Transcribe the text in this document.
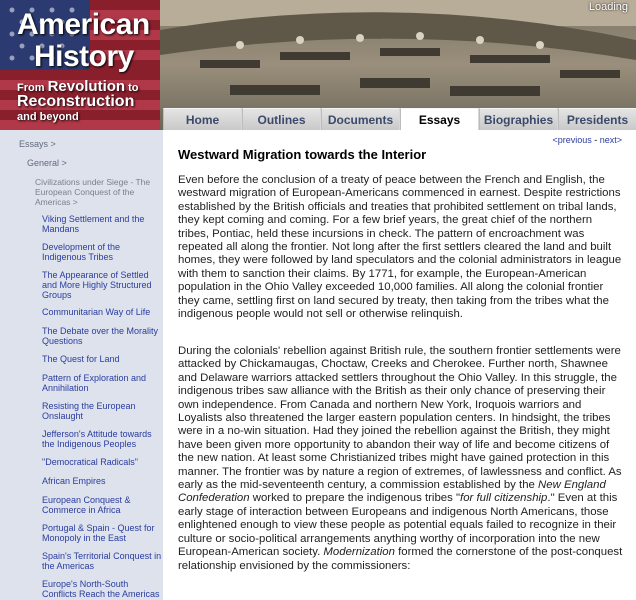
American
History
From Revolution to
Reconstruction
and beyond
Loading
Home	Outlines	Documents	Essays	Biographies	Presidents
Essays >
General >
Civilizations under Siege - The
European Conquest of the
Americas >
Viking Settlement and the
Mandans
Development of the
Indigenous Tribes
The Appearance of Settled
and More Highly Structured
Groups
Communitarian Way of Life
The Debate over the Morality
Questions
The Quest for Land
Pattern of Exploration and
Annihilation
Resisting the European
Onslaught
Jefferson's Attitude towards
the Indigenous Peoples
"Democratical Radicals"
African Empires
European Conquest &
Commerce in Africa
Portugal & Spain - Quest for
Monopoly in the East
Spain's Territorial Conquest in
the Americas
Europe's North-South
Conflicts Reach the Americas
<previous - next>
Westward Migration towards the Interior

Even before the conclusion of a treaty of peace between the French and English, the westward migration of European-Americans commenced in earnest. Despite restrictions established by the British officials and treaties that prohibited settlement on tribal lands, they kept coming and coming. For a few brief years, the great chief of the northern tribes, Pontiac, held these incursions in check. The pattern of encroachment was repeated all along the frontier. Not long after the first settlers cleared the land and built homes, they were followed by land speculators and the colonial administrators in league with them to sanction their claims. By 1771, for example, the European-American population in the Ohio Valley exceeded 10,000 families. All along the colonial frontier they came, settling first on land secured by treaty, then taking from the tribes what the indigenous people would not sell or otherwise relinquish.

During the colonials' rebellion against British rule, the southern frontier settlements were attacked by Chickamaugas, Choctaw, Creeks and Cherokee. Further north, Shawnee and Delaware warriors attacked settlers throughout the Ohio Valley. In this struggle, the indigenous tribes saw alliance with the British as their only chance of preserving their own independence. From Canada and northern New York, Iroquois warriors and Loyalists also threatened the larger eastern population centers. In hindsight, the tribes were in a no-win situation. Had they joined the rebellion against the British, they might have been given more opportunity to abandon their way of life and become citizens of the new nation. At least some Christianized tribes might have gained protection in this manner. The frontier was by nature a region of extremes, of lawlessness and conflict. As early as the mid-seventeenth century, a commission established by the New England Confederation worked to prepare the indigenous tribes "for full citizenship." Even at this early stage of interaction between Europeans and indigenous North Americans, those enlightened enough to view these people as potential equals failed to recognize in their culture or socio-political arrangements anything worthy of incorporation into the new European-American society. Modernization formed the cornerstone of the post-conquest relationship envisioned by the commissioners:
